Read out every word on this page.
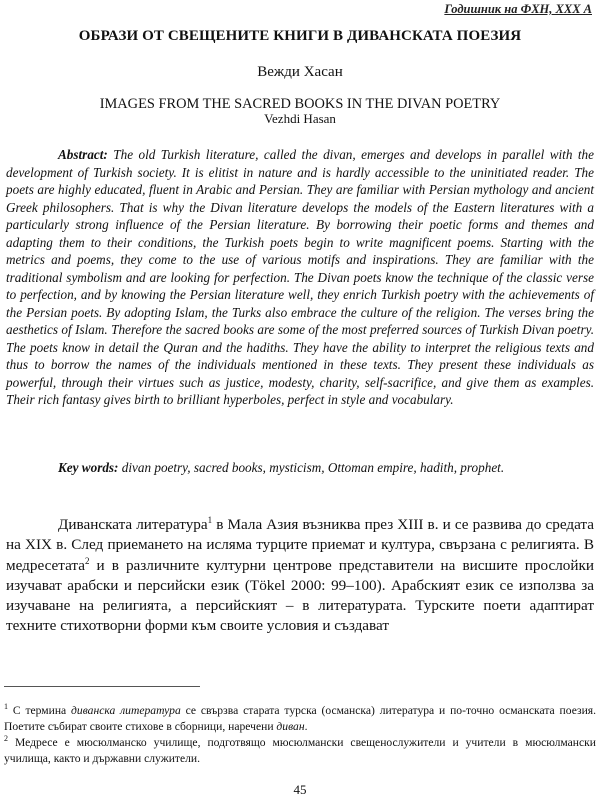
Годишник на ФХН, XXX А
ОБРАЗИ ОТ СВЕЩЕНИТЕ КНИГИ В ДИВАНСКАТА ПОЕЗИЯ
Вежди Хасан
IMAGES FROM THE SACRED BOOKS IN THE DIVAN POETRY
Vezhdi Hasan

Abstract: The old Turkish literature, called the divan, emerges and develops in parallel with the development of Turkish society. It is elitist in nature and is hardly accessible to the uninitiated reader. The poets are highly educated, fluent in Arabic and Persian. They are familiar with Persian mythology and ancient Greek philosophers. That is why the Divan literature develops the models of the Eastern literatures with a particularly strong influence of the Persian literature. By borrowing their poetic forms and themes and adapting them to their conditions, the Turkish poets begin to write magnificent poems. Starting with the metrics and poems, they come to the use of various motifs and inspirations. They are familiar with the traditional symbolism and are looking for perfection. The Divan poets know the technique of the classic verse to perfection, and by knowing the Persian literature well, they enrich Turkish poetry with the achievements of the Persian poets. By adopting Islam, the Turks also embrace the culture of the religion. The verses bring the aesthetics of Islam. Therefore the sacred books are some of the most preferred sources of Turkish Divan poetry. The poets know in detail the Quran and the hadiths. They have the ability to interpret the religious texts and thus to borrow the names of the individuals mentioned in these texts. They present these individuals as powerful, through their virtues such as justice, modesty, charity, self-sacrifice, and give them as examples. Their rich fantasy gives birth to brilliant hyperboles, perfect in style and vocabulary.

Key words: divan poetry, sacred books, mysticism, Ottoman empire, hadith, prophet.

Диванската литература$^1$ в Мала Азия възниква през XIII в. и се развива до средата на XIX в. След приемането на исляма турците приемат и култура, свързана с религията. В медресетата$^2$ и в различните културни центрове представители на висшите прослойки изучават арабски и персийски език (Tökel 2000: 99–100). Арабският език се използва за изучаване на религията, а персийският – в литературата. Турските поети адаптират техните стихотворни форми към своите условия и създават

$^1$ С термина диванска литература се свързва старата турска (османска) литература и по-точно османската поезия. Поетите събират своите стихове в сборници, наречени диван.

$^2$ Медресе е мюсюлманско училище, подготвящо мюсюлмански свещенослужители и учители в мюсюлмански училища, както и държавни служители.

45
